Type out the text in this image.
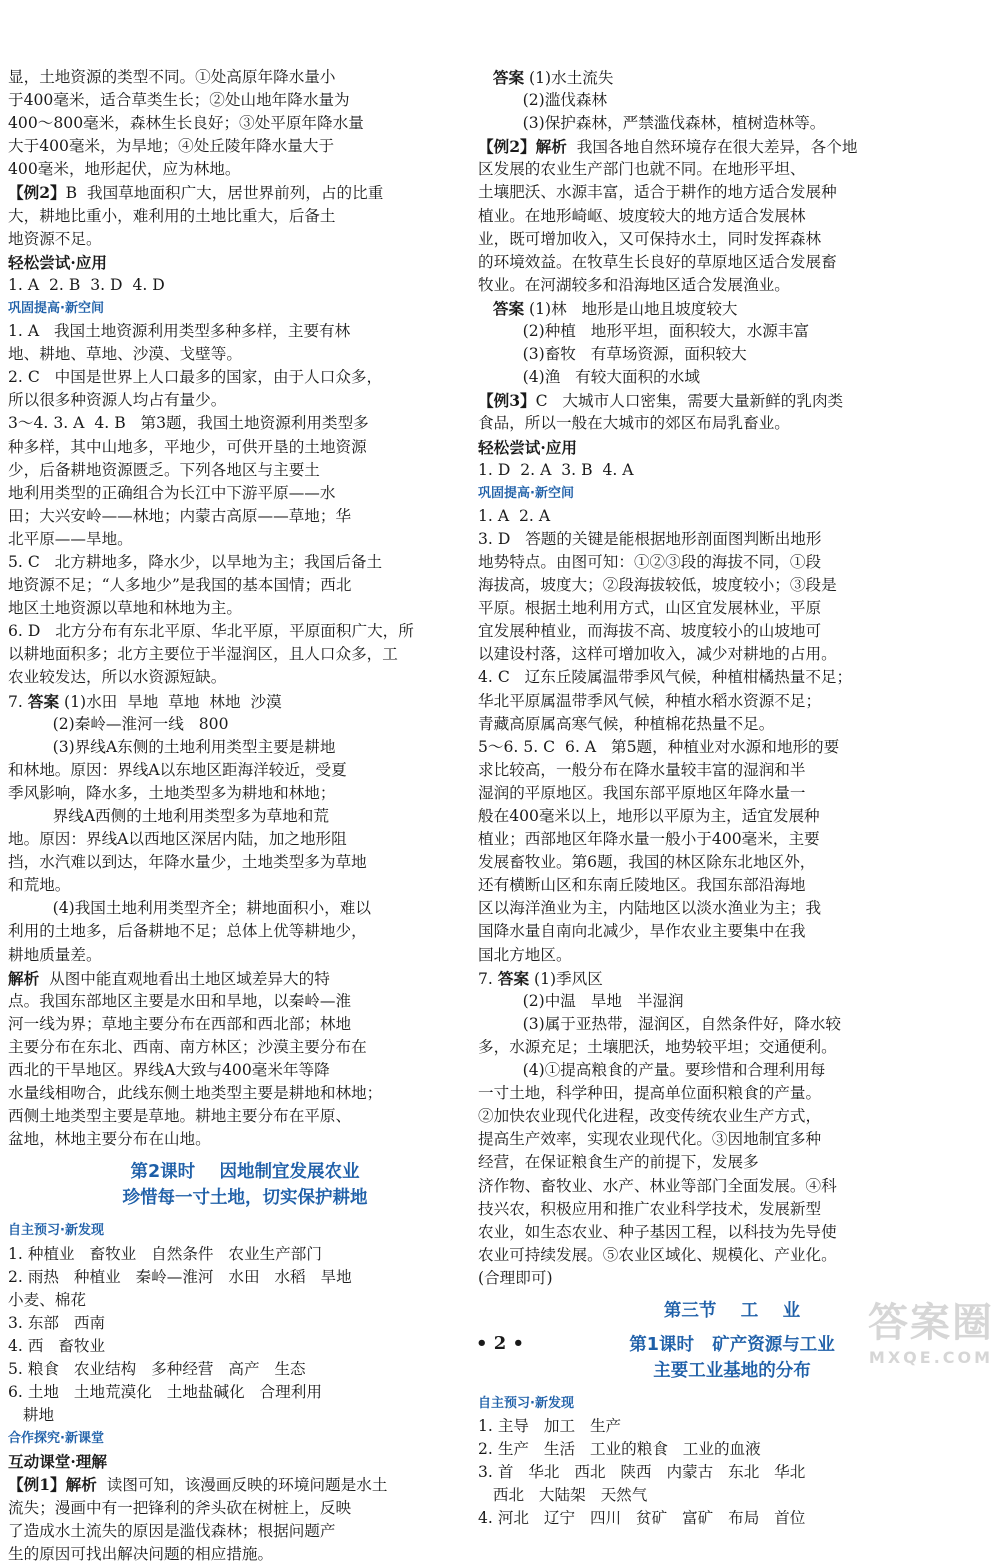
显，土地资源的类型不同。①处高原年降水量小
于400毫米，适合草类生长；②处山地年降水量为
400～800毫米，森林生长良好；③处平原年降水量
大于400毫米，为旱地；④处丘陵年降水量大于
400毫米，地形起伏，应为林地。
【例2】B  我国草地面积广大，居世界前列，占的比重
大，耕地比重小，难利用的土地比重大，后备土
地资源不足。
轻松尝试·应用
1. A  2. B  3. D  4. D
巩固提高·新空间
1. A   我国土地资源利用类型多种多样，主要有林
地、耕地、草地、沙漠、戈壁等。
2. C   中国是世界上人口最多的国家，由于人口众多，
所以很多种资源人均占有量少。
3～4. 3. A  4. B   第3题，我国土地资源利用类型多
种多样，其中山地多，平地少，可供开垦的土地资源
少，后备耕地资源匮乏。下列各地区与主要土
地利用类型的正确组合为长江中下游平原——水
田；大兴安岭——林地；内蒙古高原——草地；华
北平原——旱地。
5. C   北方耕地多，降水少，以旱地为主；我国后备土
地资源不足；“人多地少”是我国的基本国情；西北
地区土地资源以草地和林地为主。
6. D   北方分布有东北平原、华北平原，平原面积广大，所
以耕地面积多；北方主要位于半湿润区，且人口众多，工
农业较发达，所以水资源短缺。
7. 答案 (1)水田  旱地  草地  林地  沙漠
(2)秦岭—淮河一线   800
(3)界线A东侧的土地利用类型主要是耕地
和林地。原因：界线A以东地区距海洋较近，受夏
季风影响，降水多，土地类型多为耕地和林地；
界线A西侧的土地利用类型多为草地和荒
地。原因：界线A以西地区深居内陆，加之地形阻
挡，水汽难以到达，年降水量少，土地类型多为草地
和荒地。
(4)我国土地利用类型齐全；耕地面积小，难以
利用的土地多，后备耕地不足；总体上优等耕地少，
耕地质量差。
解析  从图中能直观地看出土地区域差异大的特
点。我国东部地区主要是水田和旱地，以秦岭—淮
河一线为界；草地主要分布在西部和西北部；林地
主要分布在东北、西南、南方林区；沙漠主要分布在
西北的干旱地区。界线A大致与400毫米年等降
水量线相吻合，此线东侧土地类型主要是耕地和林地；
西侧土地类型主要是草地。耕地主要分布在平原、
盆地，林地主要分布在山地。
第2课时    因地制宜发展农业
珍惜每一寸土地，切实保护耕地
自主预习·新发现
1. 种植业   畜牧业   自然条件   农业生产部门
2. 雨热   种植业   秦岭—淮河   水田   水稻   旱地
小麦、棉花
3. 东部   西南
4. 西   畜牧业
5. 粮食   农业结构   多种经营   高产   生态
6. 土地   土地荒漠化   土地盐碱化   合理利用
耕地
合作探究·新课堂
互动课堂·理解
【例1】解析  读图可知，该漫画反映的环境问题是水土
流失；漫画中有一把锋利的斧头砍在树桩上，反映
了造成水土流失的原因是滥伐森林；根据问题产
生的原因可找出解决问题的相应措施。
答案 (1)水土流失
(2)滥伐森林
(3)保护森林，严禁滥伐森林，植树造林等。
【例2】解析  我国各地自然环境存在很大差异，各个地
区发展的农业生产部门也就不同。在地形平坦、
土壤肥沃、水源丰富，适合于耕作的地方适合发展种
植业。在地形崎岖、坡度较大的地方适合发展林
业，既可增加收入，又可保持水土，同时发挥森林
的环境效益。在牧草生长良好的草原地区适合发展畜
牧业。在河湖较多和沿海地区适合发展渔业。
答案 (1)林   地形是山地且坡度较大
(2)种植   地形平坦，面积较大，水源丰富
(3)畜牧   有草场资源，面积较大
(4)渔   有较大面积的水域
【例3】C   大城市人口密集，需要大量新鲜的乳肉类
食品，所以一般在大城市的郊区布局乳畜业。
轻松尝试·应用
1. D  2. A  3. B  4. A
巩固提高·新空间
1. A  2. A
3. D   答题的关键是能根据地形剖面图判断出地形
地势特点。由图可知：①②③段的海拔不同，①段
海拔高，坡度大；②段海拔较低，坡度较小；③段是
平原。根据土地利用方式，山区宜发展林业，平原
宜发展种植业，而海拔不高、坡度较小的山坡地可
以建设村落，这样可增加收入，减少对耕地的占用。
4. C   辽东丘陵属温带季风气候，种植柑橘热量不足；
华北平原属温带季风气候，种植水稻水资源不足；
青藏高原属高寒气候，种植棉花热量不足。
5～6. 5. C  6. A   第5题，种植业对水源和地形的要
求比较高，一般分布在降水量较丰富的湿润和半
湿润的平原地区。我国东部平原地区年降水量一
般在400毫米以上，地形以平原为主，适宜发展种
植业；西部地区年降水量一般小于400毫米，主要
发展畜牧业。第6题，我国的林区除东北地区外，
还有横断山区和东南丘陵地区。我国东部沿海地
区以海洋渔业为主，内陆地区以淡水渔业为主；我
国降水量自南向北减少，旱作农业主要集中在我
国北方地区。
7. 答案 (1)季风区
(2)中温   旱地   半湿润
(3)属于亚热带，湿润区，自然条件好，降水较
多，水源充足；土壤肥沃，地势较平坦；交通便利。
(4)①提高粮食的产量。要珍惜和合理利用每
一寸土地，科学种田，提高单位面积粮食的产量。
②加快农业现代化进程，改变传统农业生产方式，
提高生产效率，实现农业现代化。③因地制宜多种
经营，在保证粮食生产的前提下，发展多
济作物、畜牧业、水产、林业等部门全面发展。④科
技兴农，积极应用和推广农业科学技术，发展新型
农业，如生态农业、种子基因工程，以科技为先导使
农业可持续发展。⑤农业区域化、规模化、产业化。
(合理即可)
第三节    工    业
第1课时   矿产资源与工业
主要工业基地的分布
自主预习·新发现
1. 主导   加工   生产
2. 生产   生活   工业的粮食   工业的血液
3. 首   华北   西北   陕西   内蒙古   东北   华北
西北   大陆架   天然气
4. 河北   辽宁   四川   贫矿   富矿   布局   首位
• 2 •	答案圈
MXQE.COM
